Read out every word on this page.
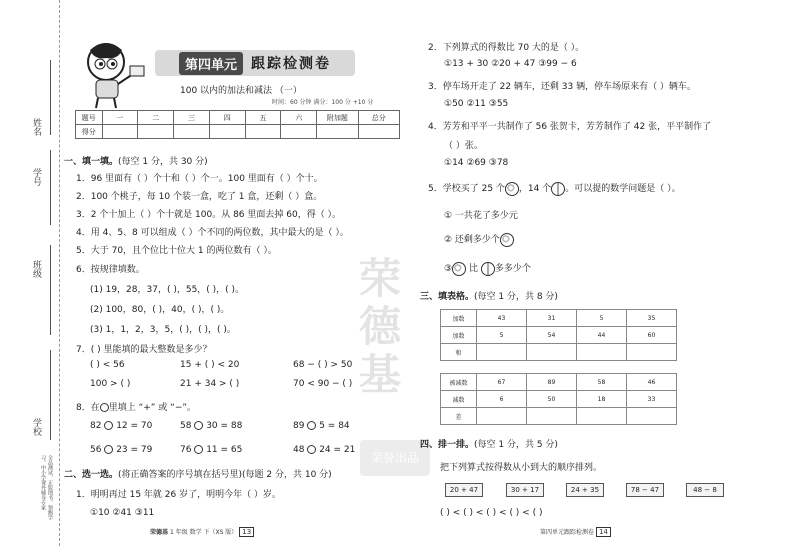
姓名
学号
班级
学校
全品测试，正版图书，领跑学习，中小学课外辅导专家
第四单元	跟踪检测卷
100 以内的加法和减法 （一）
时间：60 分钟 满分：100 分 +10 分
题号	一	二	三	四	五	六	附加题	总分
得分								
一、填一填。(每空 1 分，共 30 分)
1．96 里面有（ ）个十和（ ）个一。100 里面有（ ）个十。
2．100 个桃子，每 10 个装一盒，吃了 1 盒，还剩（ ）盒。
3．2 个十加上（ ）个十就是 100。从 86 里面去掉 60，得（ ）。
4．用 4、5、8 可以组成（ ）个不同的两位数，其中最大的是（ ）。
5．大于 70，且个位比十位大 1 的两位数有（ ）。
6．按规律填数。
(1) 19，28，37，( )，55，( )，( )。
(2) 100，80，( )，40，( )，( )。
(3) 1，1，2，3，5，( )，( )，( )。
7．( ) 里能填的最大整数是多少？
( ) < 56	15 + ( ) < 20	68 − ( ) > 50
100 > ( )	21 + 34 > ( )	70 < 90 − ( )
8．在 里填上 “+” 或 “−”。
82 12 = 70	58 30 = 88	89 5 = 84
56 23 = 79	76 11 = 65	48 24 = 21
二、选一选。(将正确答案的序号填在括号里)(每题 2 分，共 10 分)
1．明明再过 15 年就 26 岁了，明明今年（ ）岁。
①10 ②41 ③11
荣德基 1 年级 数学 下（XS 版） 13
荣
德
基
荣誉出品
2．下列算式的得数比 70 大的是（ ）。
①13 + 30 ②20 + 47 ③99 − 6
3．停车场开走了 22 辆车，还剩 33 辆，停车场原来有（ ）辆车。
①50 ②11 ③55
4．芳芳和平平一共制作了 56 张贺卡，芳芳制作了 42 张，平平制作了
（ ）张。
①14 ②69 ③78
5．学校买了 25 个 ，14 个 。可以提的数学问题是（ ）。
① 一共花了多少元
② 还剩多少个
③ 比 多多少个
三、填表格。(每空 1 分，共 8 分)
加数	43	31	5	35
加数	5	54	44	60
和				
被减数	67	89	58	46
减数	6	50	18	33
差				
四、排一排。(每空 1 分，共 5 分)
把下列算式按得数从小到大的顺序排列。
20 + 47	30 + 17	24 + 35	78 − 47	48 − 8
( ) < ( ) < ( ) < ( ) < ( )
第四单元跟踪检测卷 14
